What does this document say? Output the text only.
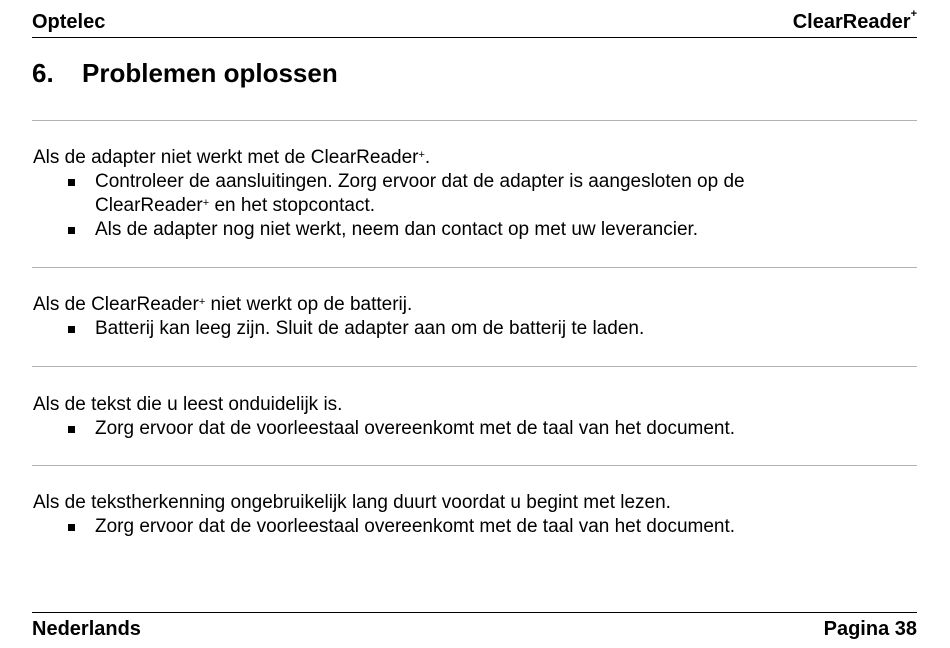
Optelec	ClearReader+
6. Problemen oplossen
Als de adapter niet werkt met de ClearReader+.
Controleer de aansluitingen. Zorg ervoor dat de adapter is aangesloten op de
ClearReader+ en het stopcontact.
Als de adapter nog niet werkt, neem dan contact op met uw leverancier.
Als de ClearReader+ niet werkt op de batterij.
Batterij kan leeg zijn. Sluit de adapter aan om de batterij te laden.
Als de tekst die u leest onduidelijk is.
Zorg ervoor dat de voorleestaal overeenkomt met de taal van het document.
Als de tekstherkenning ongebruikelijk lang duurt voordat u begint met lezen.
Zorg ervoor dat de voorleestaal overeenkomt met de taal van het document.
Nederlands	Pagina 38
